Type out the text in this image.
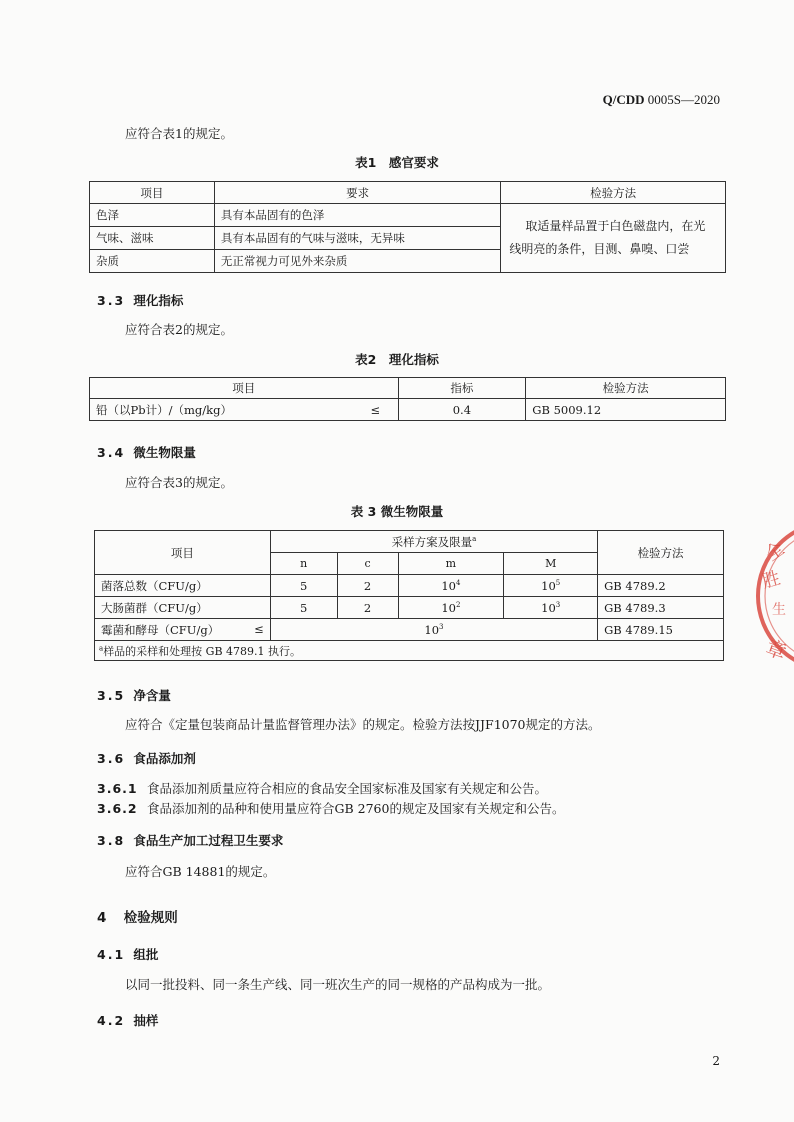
Q/CDD 0005S—2020
应符合表1的规定。
表1　感官要求
项目	要求	检验方法
色泽	具有本品固有的色泽	取适量样品置于白色磁盘内，在光
线明亮的条件，目测、鼻嗅、口尝
气味、滋味	具有本品固有的气味与滋味，无异味	
杂质	无正常视力可见外来杂质	
3.3 理化指标
应符合表2的规定。
表2　理化指标
项目		指标	检验方法
铅（以Pb计）/（mg/kg）	≤	0.4	GB 5009.12
3.4 微生物限量
应符合表3的规定。
表 3 微生物限量
项目	采样方案及限量$^a$				检验方法
	n	c	m	M	
菌落总数（CFU/g）	5	2	$10^4$	$10^5$	GB 4789.2
大肠菌群（CFU/g）	5	2	$10^2$	$10^3$	GB 4789.3
霉菌和酵母（CFU/g） ≤	$10^3$				GB 4789.15
$^a$样品的采样和处理按 GB 4789.1 执行。					
3.5 净含量
应符合《定量包装商品计量监督管理办法》的规定。检验方法按JJF1070规定的方法。
3.6 食品添加剂
3.6.1 食品添加剂质量应符合相应的食品安全国家标准及国家有关规定和公告。
3.6.2 食品添加剂的品种和使用量应符合GB 2760的规定及国家有关规定和公告。
3.8 食品生产加工过程卫生要求
应符合GB 14881的规定。
4 检验规则
4.1 组批
以同一批投料、同一条生产线、同一班次生产的同一规格的产品构成为一批。
4.2 抽样
全
胜
生
章
2
